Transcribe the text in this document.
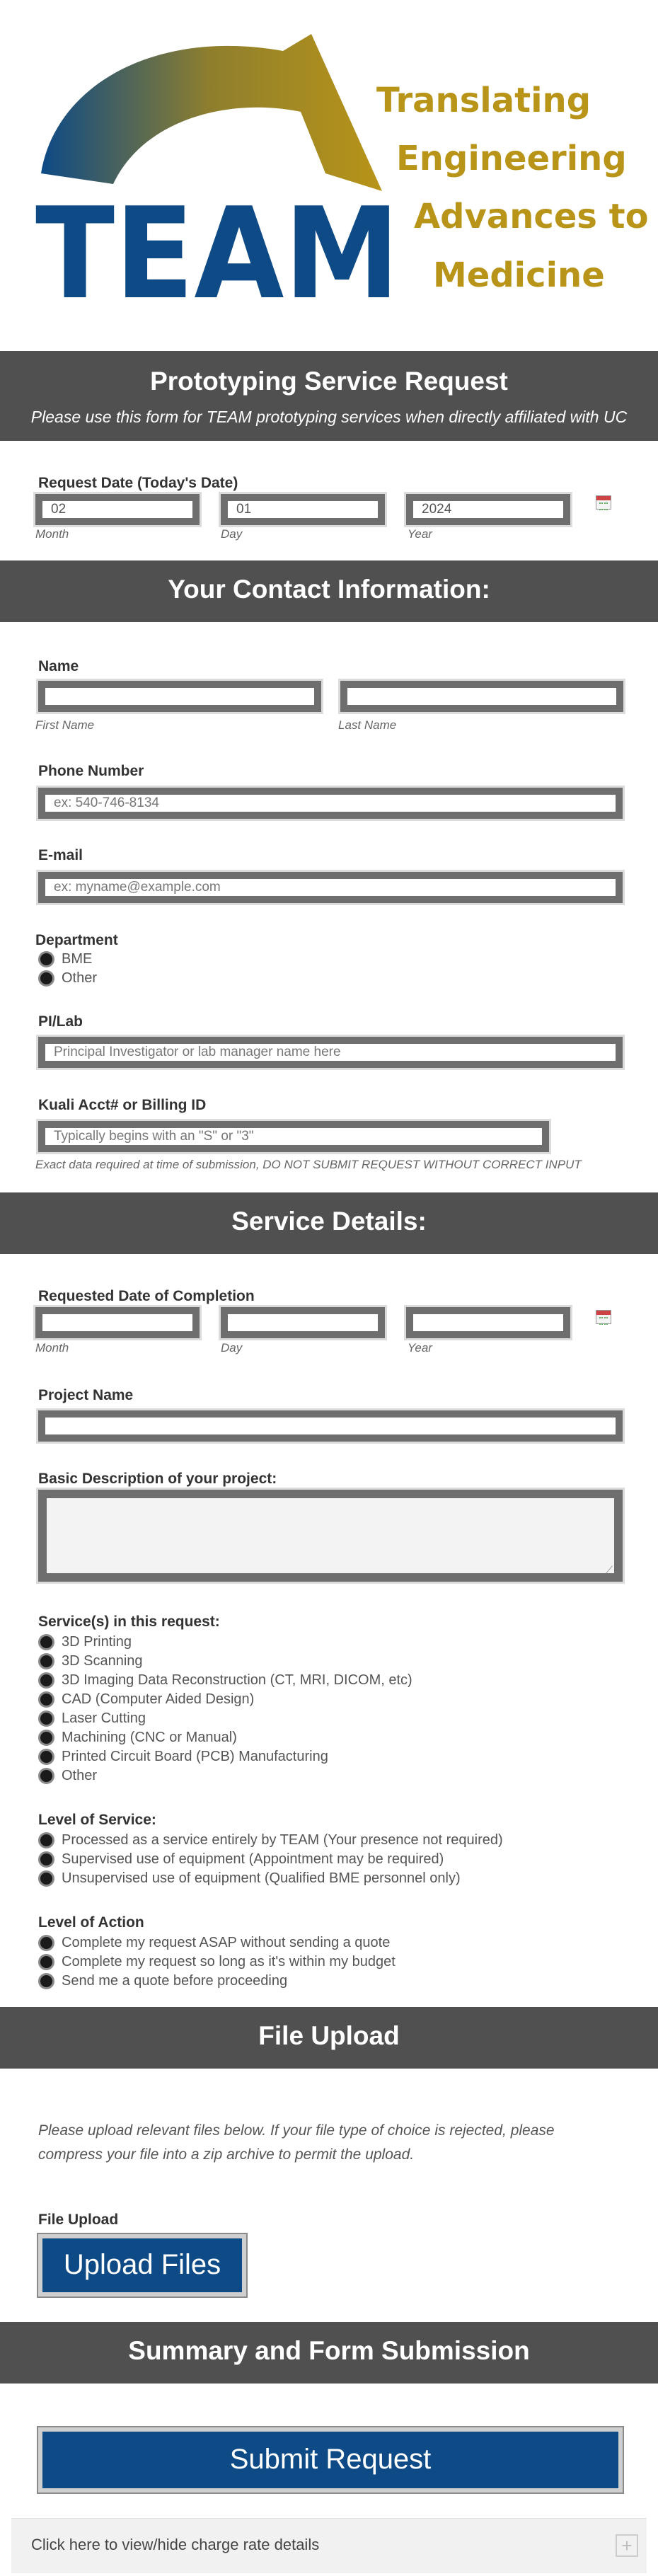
TEAM
Translating
Engineering
Advances to
Medicine
Prototyping Service Request
Please use this form for TEAM prototyping services when directly affiliated with UC
Request Date (Today's Date)
02	01	2024
Month	Day	Year
Your Contact Information:
Name
First Name	Last Name
Phone Number
ex: 540-746-8134
E-mail
ex: myname@example.com
Department
BME
Other
PI/Lab
Principal Investigator or lab manager name here
Kuali Acct# or Billing ID
Typically begins with an "S" or "3"
Exact data required at time of submission, DO NOT SUBMIT REQUEST WITHOUT CORRECT INPUT
Service Details:
Requested Date of Completion
Month	Day	Year
Project Name
Basic Description of your project:
⟋
Service(s) in this request:
3D Printing
3D Scanning
3D Imaging Data Reconstruction (CT, MRI, DICOM, etc)
CAD (Computer Aided Design)
Laser Cutting
Machining (CNC or Manual)
Printed Circuit Board (PCB) Manufacturing
Other
Level of Service:
Processed as a service entirely by TEAM (Your presence not required)
Supervised use of equipment (Appointment may be required)
Unsupervised use of equipment (Qualified BME personnel only)
Level of Action
Complete my request ASAP without sending a quote
Complete my request so long as it's within my budget
Send me a quote before proceeding
File Upload
Please upload relevant files below. If your file type of choice is rejected, please
compress your file into a zip archive to permit the upload.
File Upload
Upload Files
Summary and Form Submission
Submit Request
Click here to view/hide charge rate details	+
